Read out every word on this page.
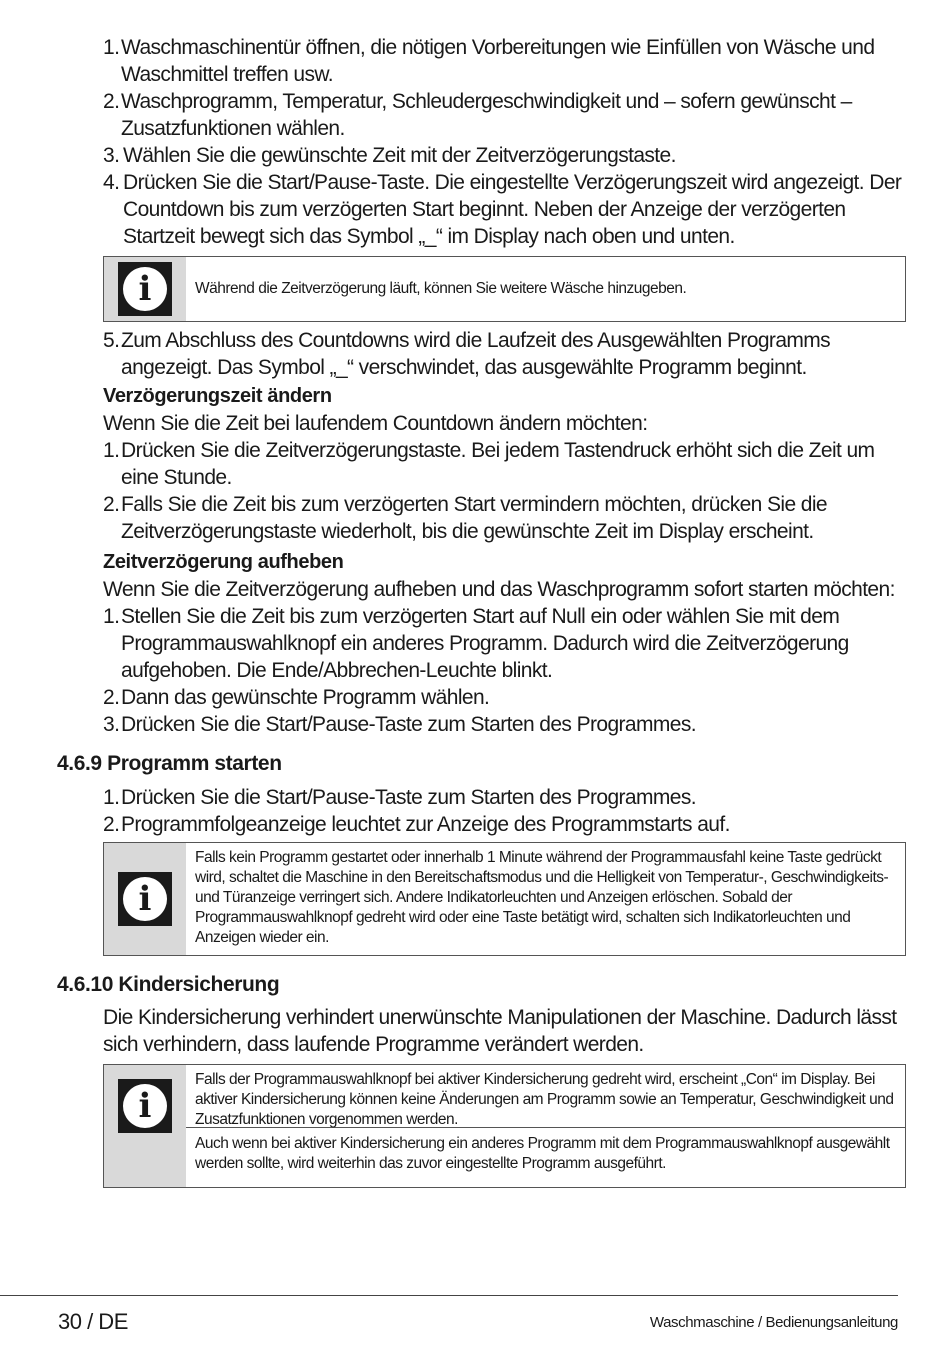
1. Waschmaschinentür öffnen, die nötigen Vorbereitungen wie Einfüllen von Wäsche und Waschmittel treffen usw.
2. Waschprogramm, Temperatur, Schleudergeschwindigkeit und – sofern gewünscht – Zusatzfunktionen wählen.
3. Wählen Sie die gewünschte Zeit mit der Zeitverzögerungstaste.
4. Drücken Sie die Start/Pause-Taste. Die eingestellte Verzögerungszeit wird angezeigt. Der Countdown bis zum verzögerten Start beginnt. Neben der Anzeige der verzögerten Startzeit bewegt sich das Symbol „_“ im Display nach oben und unten.
i	Während die Zeitverzögerung läuft, können Sie weitere Wäsche hinzugeben.
5. Zum Abschluss des Countdowns wird die Laufzeit des Ausgewählten Programms angezeigt. Das Symbol „_“ verschwindet, das ausgewählte Programm beginnt.
Verzögerungszeit ändern
Wenn Sie die Zeit bei laufendem Countdown ändern möchten:
1. Drücken Sie die Zeitverzögerungstaste. Bei jedem Tastendruck erhöht sich die Zeit um eine Stunde.
2. Falls Sie die Zeit bis zum verzögerten Start vermindern möchten, drücken Sie die Zeitverzögerungstaste wiederholt, bis die gewünschte Zeit im Display erscheint.
Zeitverzögerung aufheben
Wenn Sie die Zeitverzögerung aufheben und das Waschprogramm sofort starten möchten:
1. Stellen Sie die Zeit bis zum verzögerten Start auf Null ein oder wählen Sie mit dem Programmauswahlknopf ein anderes Programm. Dadurch wird die Zeitverzögerung aufgehoben. Die Ende/Abbrechen-Leuchte blinkt.
2. Dann das gewünschte Programm wählen.
3. Drücken Sie die Start/Pause-Taste zum Starten des Programmes.
4.6.9 Programm starten
1. Drücken Sie die Start/Pause-Taste zum Starten des Programmes.
2. Programmfolgeanzeige leuchtet zur Anzeige des Programmstarts auf.
i
Falls kein Programm gestartet oder innerhalb 1 Minute während der Programmausfahl keine Taste gedrückt wird, schaltet die Maschine in den Bereitschaftsmodus und die Helligkeit von Temperatur-, Geschwindigkeits- und Türanzeige verringert sich. Andere Indikatorleuchten und Anzeigen erlöschen. Sobald der Programmauswahlknopf gedreht wird oder eine Taste betätigt wird, schalten sich Indikatorleuchten und Anzeigen wieder ein.
4.6.10 Kindersicherung
Die Kindersicherung verhindert unerwünschte Manipulationen der Maschine. Dadurch lässt sich verhindern, dass laufende Programme verändert werden.
i
Falls der Programmauswahlknopf bei aktiver Kindersicherung gedreht wird, erscheint „Con“ im Display. Bei aktiver Kindersicherung können keine Änderungen am Programm sowie an Temperatur, Geschwindigkeit und Zusatzfunktionen vorgenommen werden.
Auch wenn bei aktiver Kindersicherung ein anderes Programm mit dem Programmauswahlknopf ausgewählt werden sollte, wird weiterhin das zuvor eingestellte Programm ausgeführt.
30 / DE	Waschmaschine / Bedienungsanleitung
